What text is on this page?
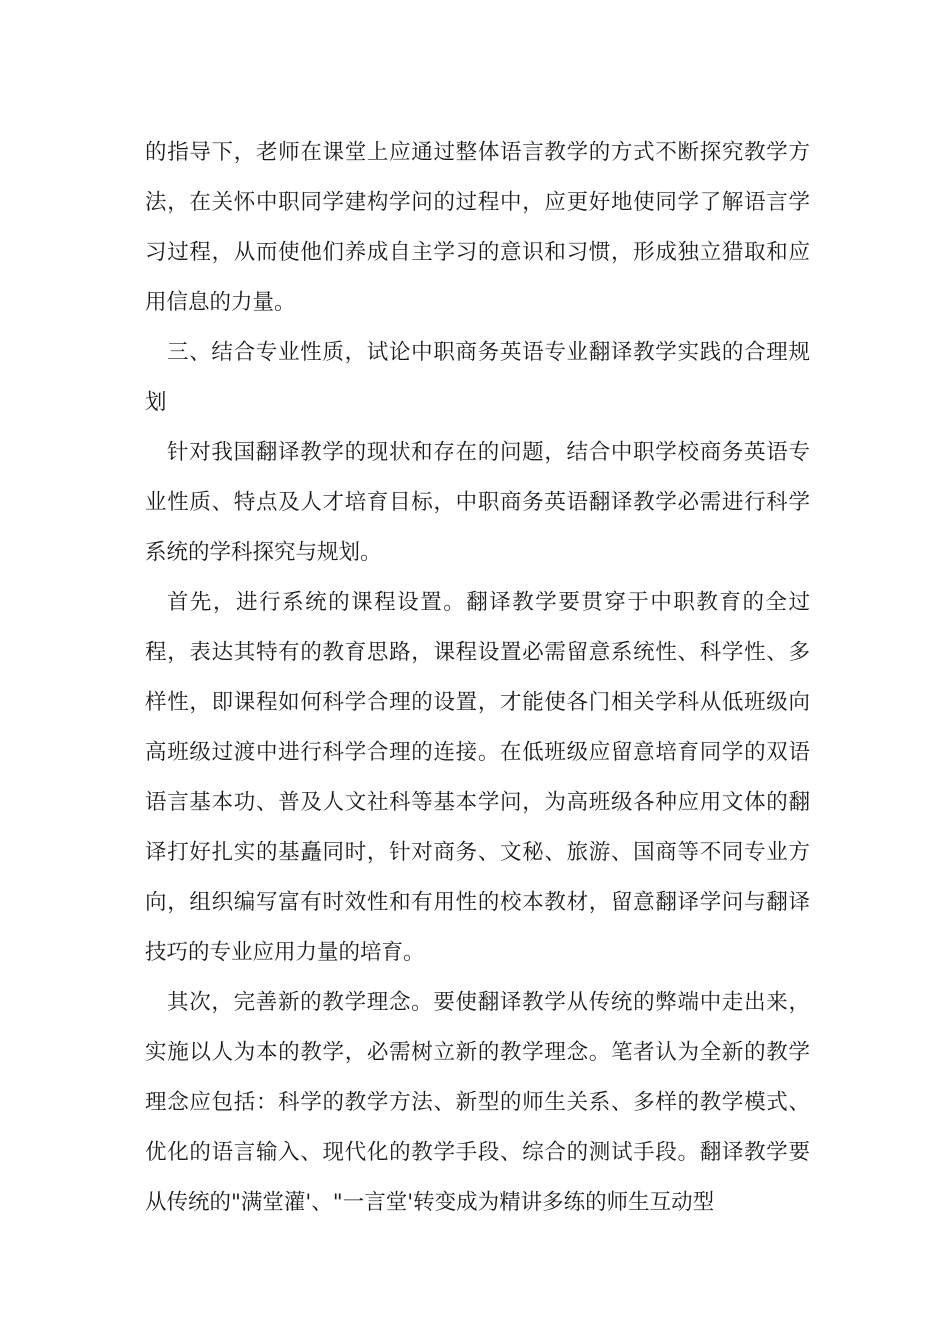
的指导下，老师在课堂上应通过整体语言教学的方式不断探究教学方法，在关怀中职同学建构学问的过程中，应更好地使同学了解语言学习过程，从而使他们养成自主学习的意识和习惯，形成独立猎取和应用信息的力量。

三、结合专业性质，试论中职商务英语专业翻译教学实践的合理规划

针对我国翻译教学的现状和存在的问题，结合中职学校商务英语专业性质、特点及人才培育目标，中职商务英语翻译教学必需进行科学系统的学科探究与规划。

首先，进行系统的课程设置。翻译教学要贯穿于中职教育的全过程，表达其特有的教育思路，课程设置必需留意系统性、科学性、多样性，即课程如何科学合理的设置，才能使各门相关学科从低班级向高班级过渡中进行科学合理的连接。在低班级应留意培育同学的双语语言基本功、普及人文社科等基本学问，为高班级各种应用文体的翻译打好扎实的基矗同时，针对商务、文秘、旅游、国商等不同专业方向，组织编写富有时效性和有用性的校本教材，留意翻译学问与翻译技巧的专业应用力量的培育。

其次，完善新的教学理念。要使翻译教学从传统的弊端中走出来，实施以人为本的教学，必需树立新的教学理念。笔者认为全新的教学理念应包括：科学的教学方法、新型的师生关系、多样的教学模式、优化的语言输入、现代化的教学手段、综合的测试手段。翻译教学要从传统的"满堂灌'、"一言堂'转变成为精讲多练的师生互动型
